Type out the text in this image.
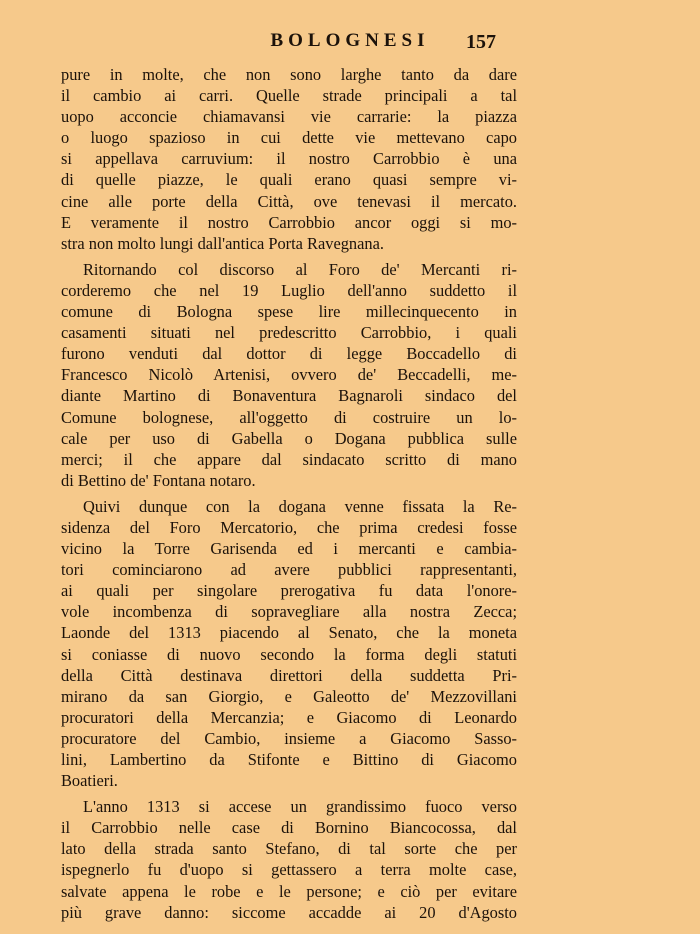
BOLOGNESI	157
pure in molte, che non sono larghe tanto da dare
il cambio ai carri. Quelle strade principali a tal
uopo acconcie chiamavansi vie carrarie: la piazza
o luogo spazioso in cui dette vie mettevano capo
si appellava carruvium: il nostro Carrobbio è una
di quelle piazze, le quali erano quasi sempre vi-
cine alle porte della Città, ove tenevasi il mercato.
E veramente il nostro Carrobbio ancor oggi si mo-
stra non molto lungi dall'antica Porta Ravegnana.
Ritornando col discorso al Foro de' Mercanti ri-
corderemo che nel 19 Luglio dell'anno suddetto il
comune di Bologna spese lire millecinquecento in
casamenti situati nel predescritto Carrobbio, i quali
furono venduti dal dottor di legge Boccadello di
Francesco Nicolò Artenisi, ovvero de' Beccadelli, me-
diante Martino di Bonaventura Bagnaroli sindaco del
Comune bolognese, all'oggetto di costruire un lo-
cale per uso di Gabella o Dogana pubblica sulle
merci; il che appare dal sindacato scritto di mano
di Bettino de' Fontana notaro.
Quivi dunque con la dogana venne fissata la Re-
sidenza del Foro Mercatorio, che prima credesi fosse
vicino la Torre Garisenda ed i mercanti e cambia-
tori cominciarono ad avere pubblici rappresentanti,
ai quali per singolare prerogativa fu data l'onore-
vole incombenza di sopravegliare alla nostra Zecca;
Laonde del 1313 piacendo al Senato, che la moneta
si coniasse di nuovo secondo la forma degli statuti
della Città destinava direttori della suddetta Pri-
mirano da san Giorgio, e Galeotto de' Mezzovillani
procuratori della Mercanzia; e Giacomo di Leonardo
procuratore del Cambio, insieme a Giacomo Sasso-
lini, Lambertino da Stifonte e Bittino di Giacomo
Boatieri.
L'anno 1313 si accese un grandissimo fuoco verso
il Carrobbio nelle case di Bornino Biancocossa, dal
lato della strada santo Stefano, di tal sorte che per
ispegnerlo fu d'uopo si gettassero a terra molte case,
salvate appena le robe e le persone; e ciò per evitare
più grave danno: siccome accadde ai 20 d'Agosto
